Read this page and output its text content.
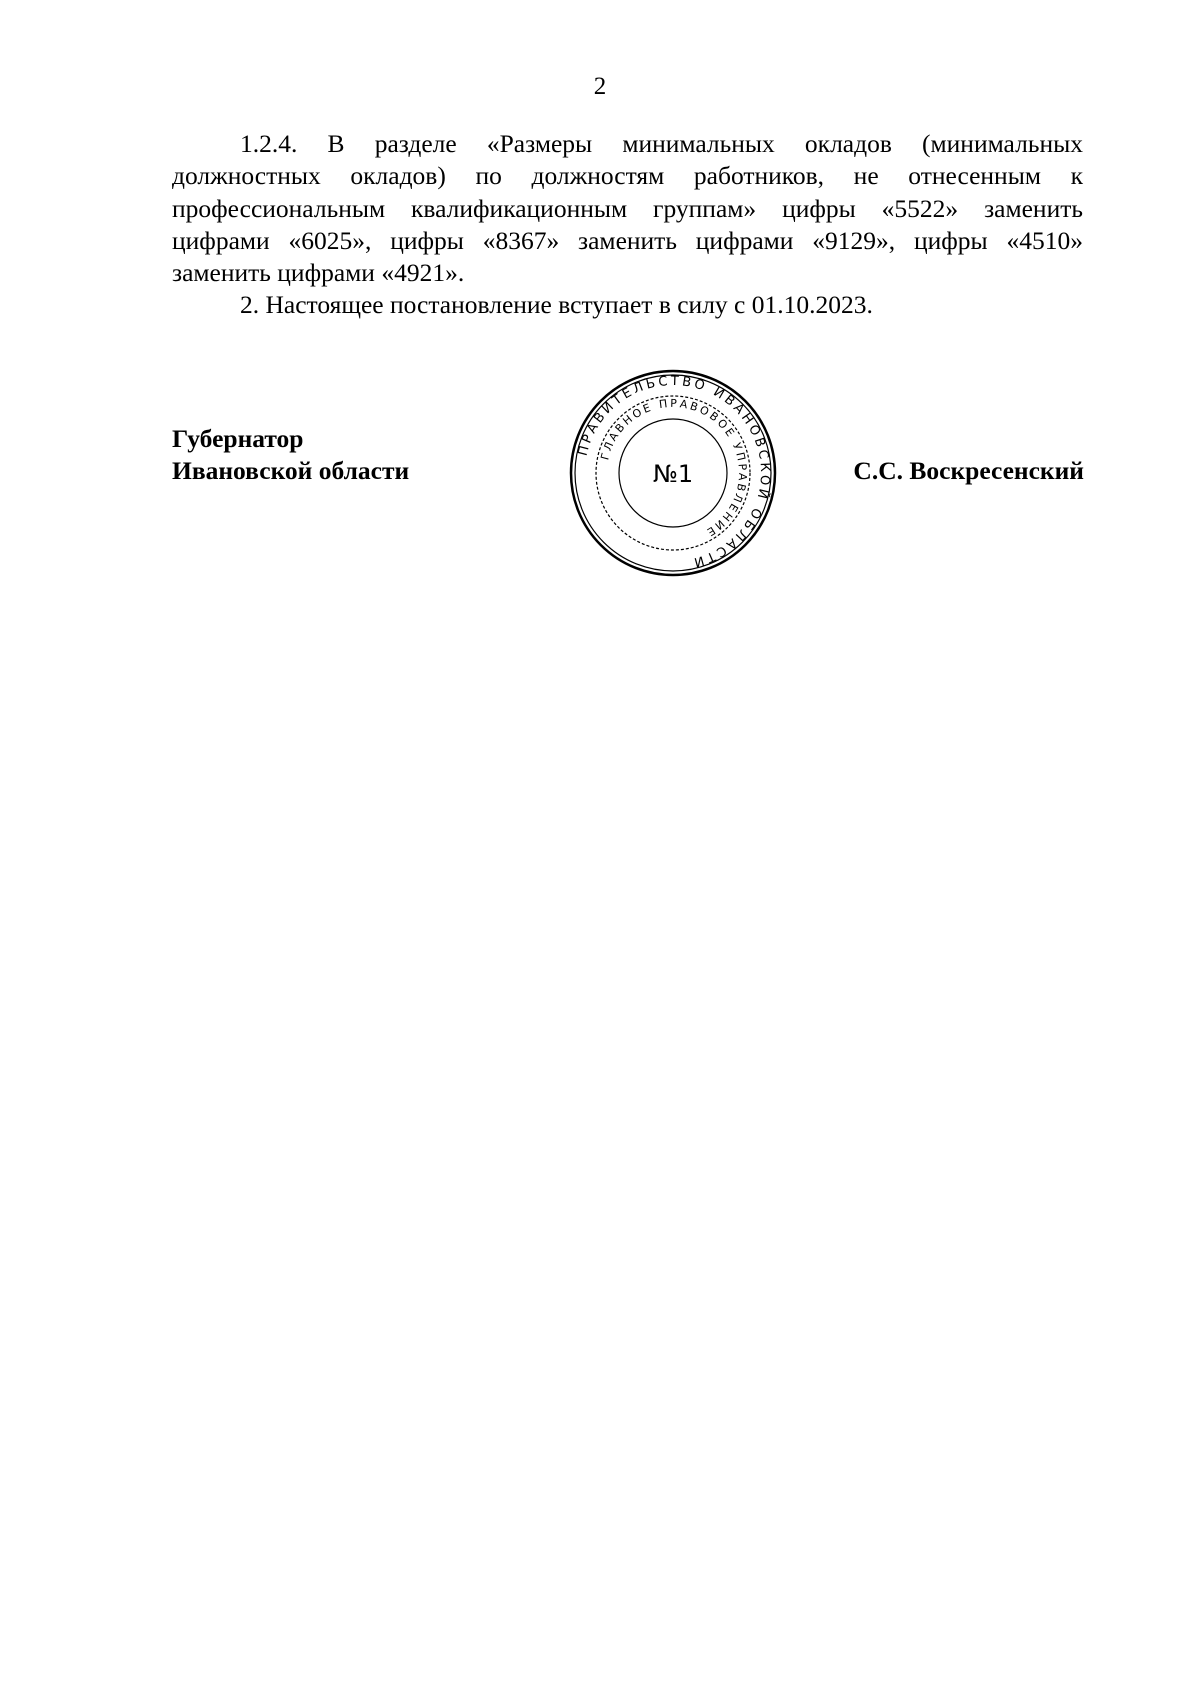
2

1.2.4. В разделе «Размеры минимальных окладов (минимальных должностных окладов) по должностям работников, не отнесенным к профессиональным квалификационным группам» цифры «5522» заменить цифрами «6025», цифры «8367» заменить цифрами «9129», цифры «4510» заменить цифрами «4921».

2. Настоящее постановление вступает в силу с 01.10.2023.

Губернатор
Ивановской области
ПРАВИТЕЛЬСТВО ИВАНОВСКОЙ ОБЛАСТИ
ГЛАВНОЕ ПРАВОВОЕ УПРАВЛЕНИЕ
№1	С.С. Воскресенский
